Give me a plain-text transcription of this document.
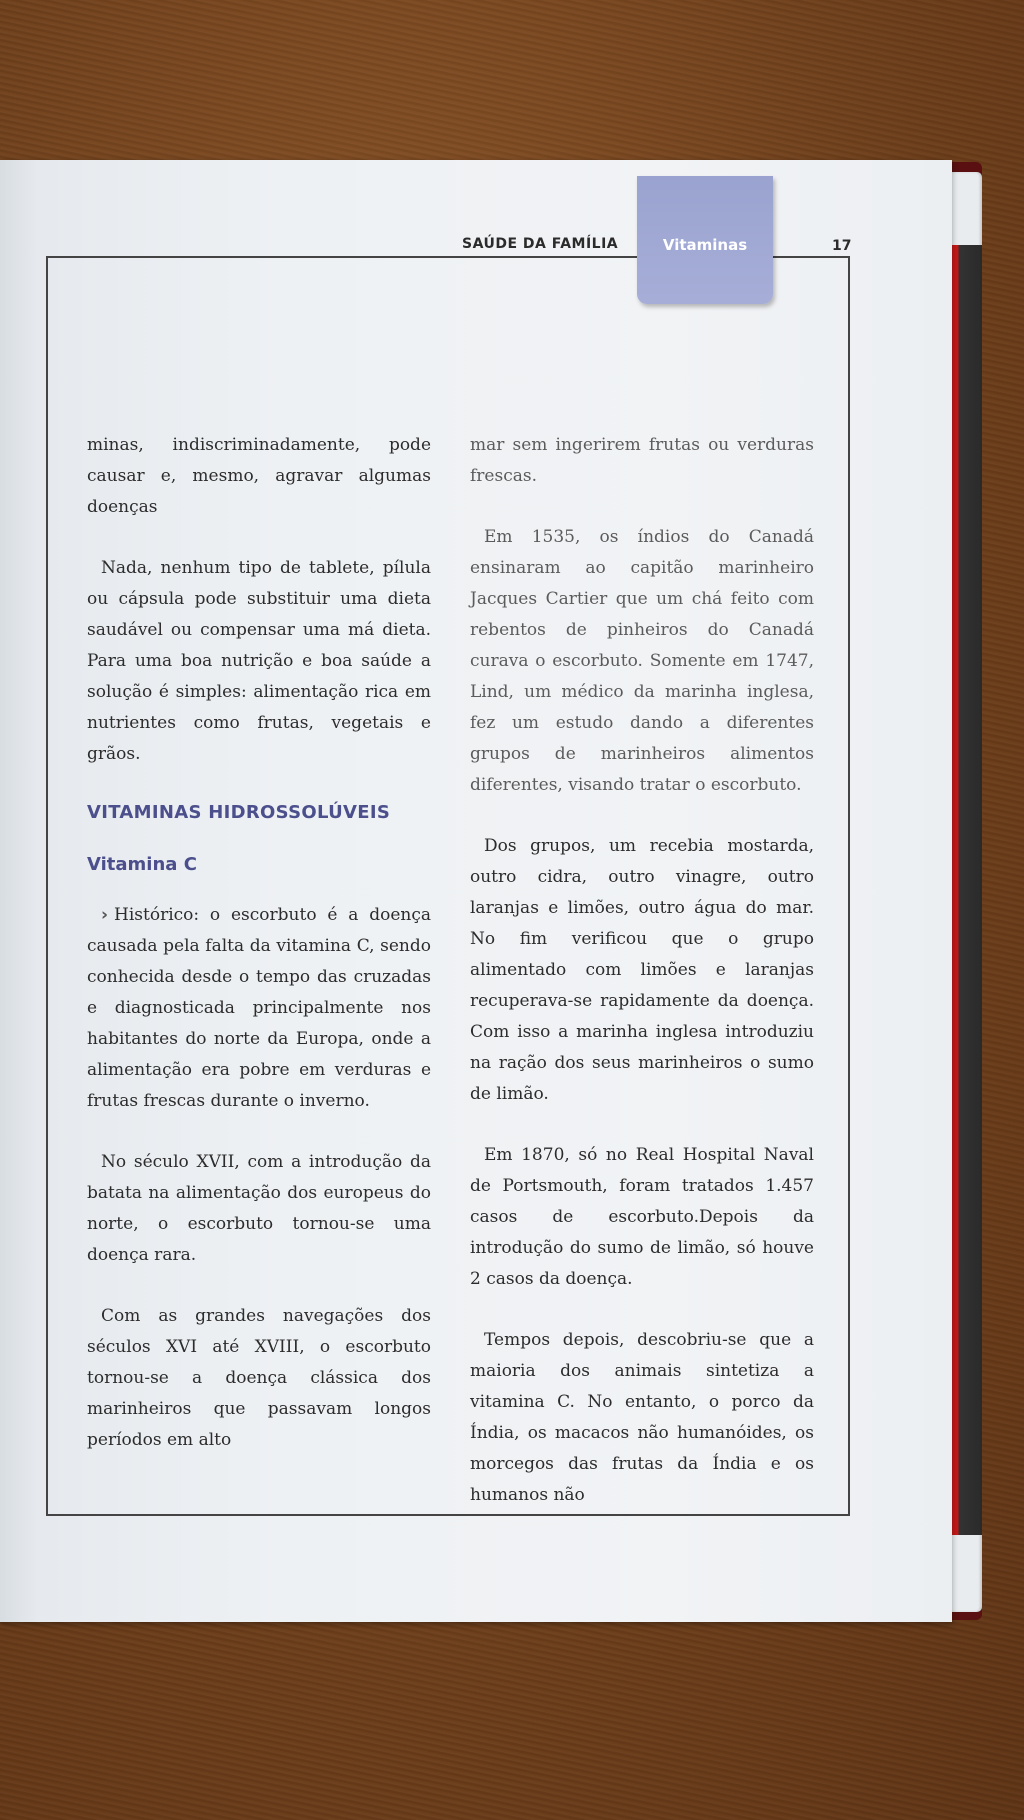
SAÚDE DA FAMÍLIA	Vitaminas	17

minas, indiscriminadamente, pode causar e, mesmo, agravar algumas doenças

Nada, nenhum tipo de tablete, pílula ou cápsula pode substituir uma dieta saudável ou compensar uma má dieta. Para uma boa nutrição e boa saúde a solução é simples: alimentação rica em nutrientes como frutas, vegetais e grãos.

VITAMINAS HIDROSSOLÚVEIS
Vitamina C

› Histórico: o escorbuto é a doença causada pela falta da vitamina C, sendo conhecida desde o tempo das cruzadas e diagnosticada principalmente nos habitantes do norte da Europa, onde a alimentação era pobre em verduras e frutas frescas durante o inverno.

No século XVII, com a introdução da batata na alimentação dos europeus do norte, o escorbuto tornou-se uma doença rara.

Com as grandes navegações dos séculos XVI até XVIII, o escorbuto tornou-se a doença clássica dos marinheiros que passavam longos períodos em alto

mar sem ingerirem frutas ou verduras frescas.

Em 1535, os índios do Canadá ensinaram ao capitão marinheiro Jacques Cartier que um chá feito com rebentos de pinheiros do Canadá curava o escorbuto. Somente em 1747, Lind, um médico da marinha inglesa, fez um estudo dando a diferentes grupos de marinheiros alimentos diferentes, visando tratar o escorbuto.

Dos grupos, um recebia mostarda, outro cidra, outro vinagre, outro laranjas e limões, outro água do mar. No fim verificou que o grupo alimentado com limões e laranjas recuperava-se rapidamente da doença. Com isso a marinha inglesa introduziu na ração dos seus marinheiros o sumo de limão.

Em 1870, só no Real Hospital Naval de Portsmouth, foram tratados 1.457 casos de escorbuto.Depois da introdução do sumo de limão, só houve 2 casos da doença.

Tempos depois, descobriu-se que a maioria dos animais sintetiza a vitamina C. No entanto, o porco da Índia, os macacos não humanóides, os morcegos das frutas da Índia e os humanos não
